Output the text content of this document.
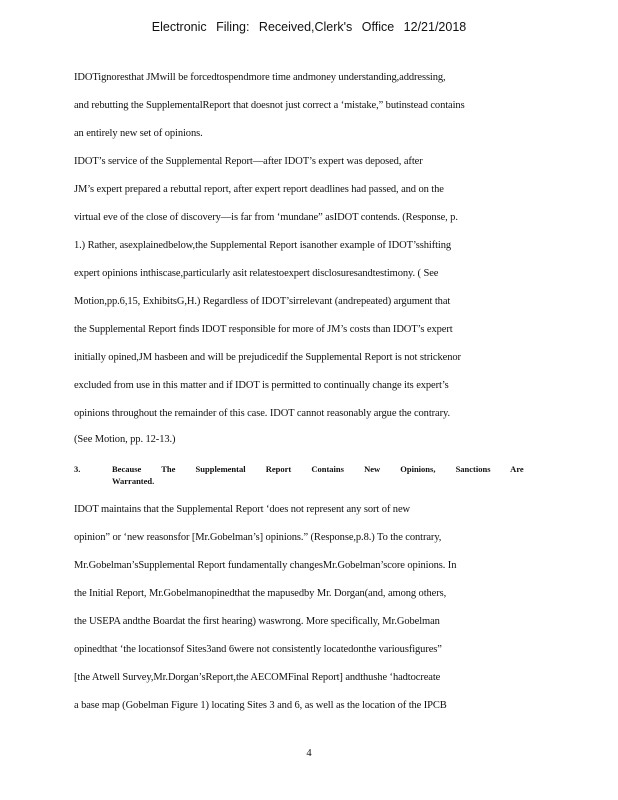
Electronic Filing: Received,Clerk's Office 12/21/2018
IDOTignoresthat JMwill be forcedtospendmore time andmoney understanding,addressing,
and rebutting the SupplementalReport that doesnot just correct a ‘mistake,” butinstead contains
an entirely new set of opinions.
IDOT’s service of the Supplemental Report—after IDOT’s expert was deposed, after
JM’s expert prepared a rebuttal report, after expert report deadlines had passed, and on the
virtual eve of the close of discovery—is far from ‘mundane” asIDOT contends. (Response, p.
1.) Rather, asexplainedbelow,the Supplemental Report isanother example of IDOT’sshifting
expert opinions inthiscase,particularly asit relatestoexpert disclosuresandtestimony. ( See
Motion,pp.6,15, ExhibitsG,H.) Regardless of IDOT’sirrelevant (andrepeated) argument that
the Supplemental Report finds IDOT responsible for more of JM’s costs than IDOT’s expert
initially opined,JM hasbeen and will be prejudicedif the Supplemental Report is not strickenor
excluded from use in this matter and if IDOT is permitted to continually change its expert’s
opinions throughout the remainder of this case. IDOT cannot reasonably argue the contrary.
(See Motion, pp. 12-13.)
3.	Because The Supplemental Report Contains New Opinions, Sanctions Are
Warranted.
IDOT maintains that the Supplemental Report ‘does not represent any sort of new
opinion” or ‘new reasonsfor [Mr.Gobelman’s] opinions.” (Response,p.8.) To the contrary,
Mr.Gobelman’sSupplemental Report fundamentally changesMr.Gobelman’score opinions. In
the Initial Report, Mr.Gobelmanopinedthat the mapusedby Mr. Dorgan(and, among others,
the USEPA andthe Boardat the first hearing) waswrong. More specifically, Mr.Gobelman
opinedthat ‘the locationsof Sites3and 6were not consistently locatedonthe variousfigures”
[the Atwell Survey,Mr.Dorgan’sReport,the AECOMFinal Report] andthushe ‘hadtocreate
a base map (Gobelman Figure 1) locating Sites 3 and 6, as well as the location of the IPCB
4
